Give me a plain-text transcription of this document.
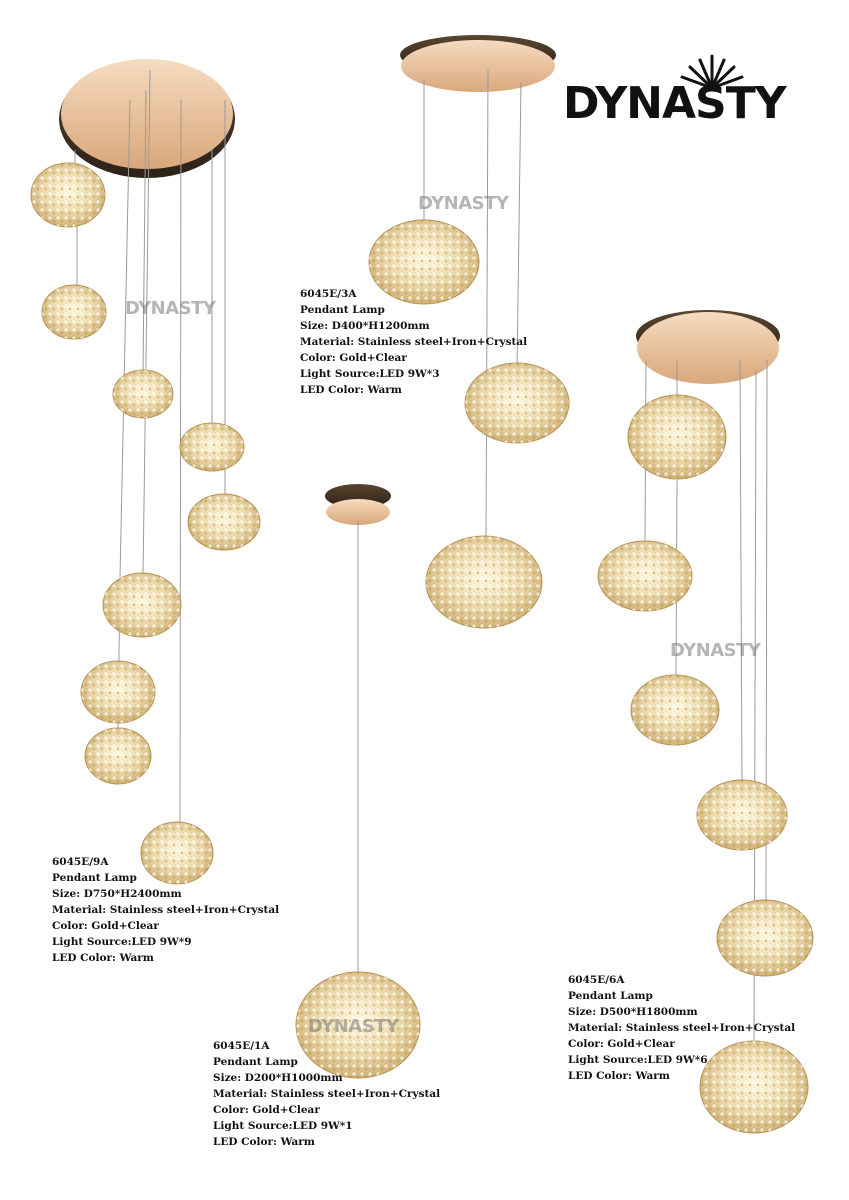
DYNASTY
DYNASTY
DYNASTY
DYNASTY
DYNASTY
6045E/3A
Pendant Lamp
Size: D400*H1200mm
Material: Stainless steel+Iron+Crystal
Color: Gold+Clear
Light Source:LED 9W*3
LED Color: Warm
6045E/9A
Pendant Lamp
Size: D750*H2400mm
Material: Stainless steel+Iron+Crystal
Color: Gold+Clear
Light Source:LED 9W*9
LED Color: Warm
6045E/1A
Pendant Lamp
Size: D200*H1000mm
Material: Stainless steel+Iron+Crystal
Color: Gold+Clear
Light Source:LED 9W*1
LED Color: Warm
6045E/6A
Pendant Lamp
Size: D500*H1800mm
Material: Stainless steel+Iron+Crystal
Color: Gold+Clear
Light Source:LED 9W*6
LED Color: Warm
